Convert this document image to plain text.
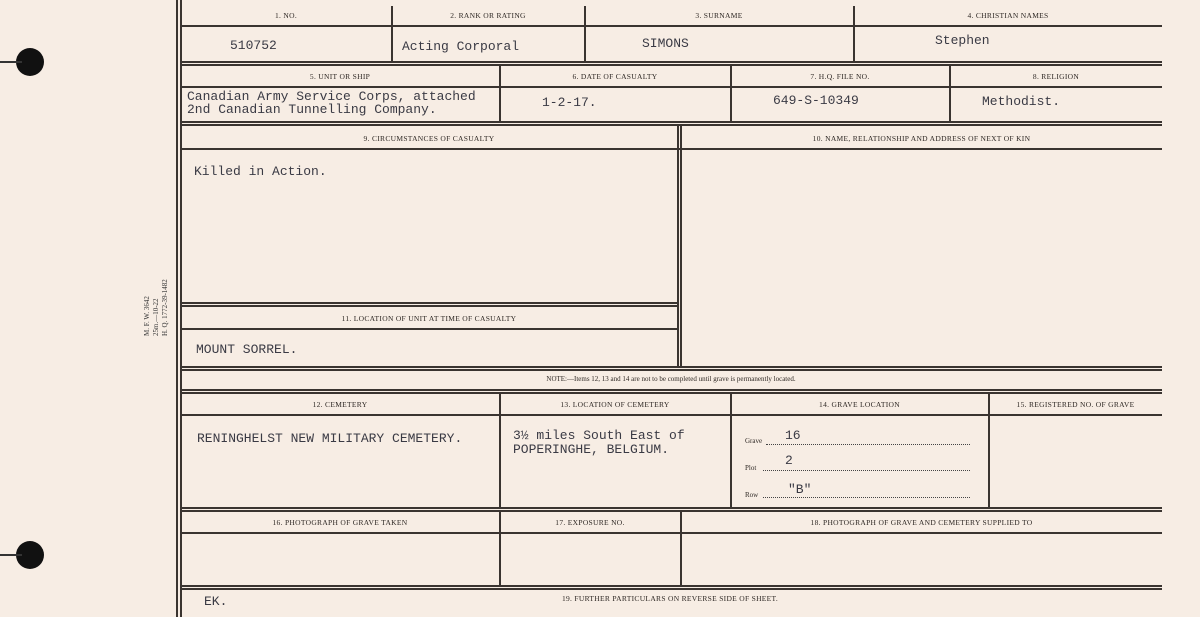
M. F. W. 3642 25m.—10-22 H. Q. 1772-39-1482
1. NO.	2. RANK OR RATING	3. SURNAME	4. CHRISTIAN NAMES
510752	Acting Corporal	SIMONS	Stephen
5. UNIT OR SHIP	6. DATE OF CASUALTY	7. H.Q. FILE NO.	8. RELIGION
Canadian Army Service Corps, attached
2nd Canadian Tunnelling Company.	1-2-17.	649-S-10349	Methodist.
9. CIRCUMSTANCES OF CASUALTY	10. NAME, RELATIONSHIP AND ADDRESS OF NEXT OF KIN
Killed in Action.
11. LOCATION OF UNIT AT TIME OF CASUALTY
MOUNT SORREL.
NOTE:—Items 12, 13 and 14 are not to be completed until grave is permanently located.
12. CEMETERY	13. LOCATION OF CEMETERY	14. GRAVE LOCATION	15. REGISTERED NO. OF GRAVE
RENINGHELST NEW MILITARY CEMETERY.	3½ miles South East of
POPERINGHE, BELGIUM.
Grave 16
Plot 2
Row "B"
16. PHOTOGRAPH OF GRAVE TAKEN	17. EXPOSURE NO.	18. PHOTOGRAPH OF GRAVE AND CEMETERY SUPPLIED TO
EK.	19. FURTHER PARTICULARS ON REVERSE SIDE OF SHEET.
